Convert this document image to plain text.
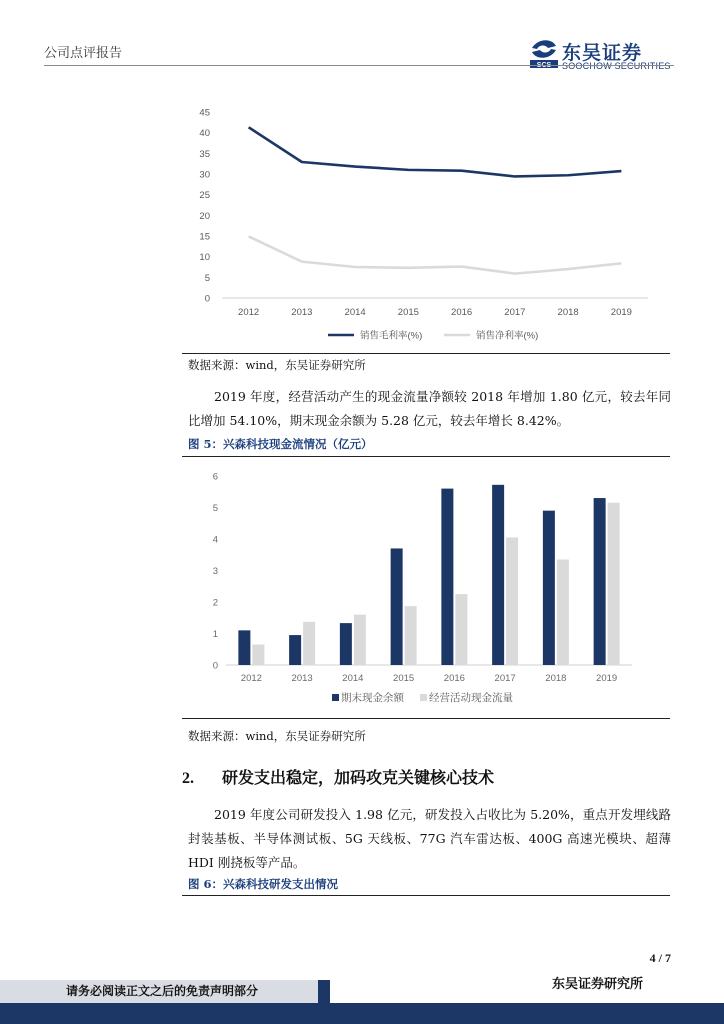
公司点评报告
SCS
东吴证券
SOOCHOW SECURITIES
0
5
10
15
20
25
30
35
40
45
2012	2013	2014	2015	2016	2017	2018	2019
销售毛利率(%)	销售净利率(%)
数据来源：wind，东吴证券研究所
2019 年度，经营活动产生的现金流量净额较 2018 年增加 1.80 亿元，较去年同比增加 54.10%，期末现金余额为 5.28 亿元，较去年增长 8.42%。
图 5：兴森科技现金流情况（亿元）
0
1
2
3
4
5
6
2012	2013	2014	2015	2016	2017	2018	2019
期末现金余额 经营活动现金流量
数据来源：wind，东吴证券研究所
2. 研发支出稳定，加码攻克关键核心技术
2019 年度公司研发投入 1.98 亿元，研发投入占收比为 5.20%，重点开发埋线路封装基板、半导体测试板、5G 天线板、77G 汽车雷达板、400G 高速光模块、超薄 HDI 刚挠板等产品。
图 6：兴森科技研发支出情况
4 / 7
请务必阅读正文之后的免责声明部分	东吴证券研究所
